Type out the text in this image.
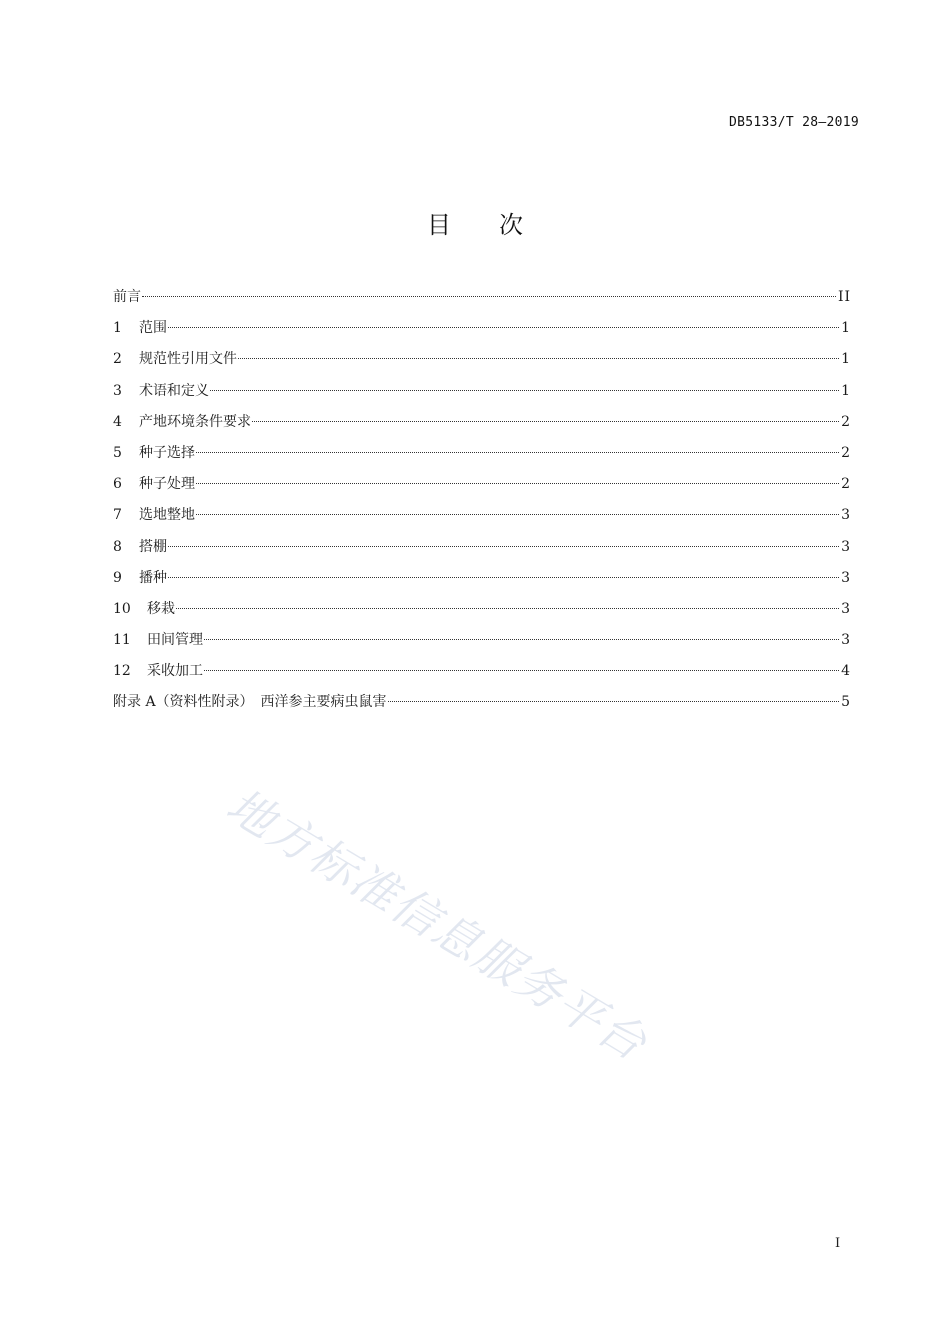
DB5133/T 28—2019
目次
前言	II
1	范围	1
2	规范性引用文件	1
3	术语和定义	1
4	产地环境条件要求	2
5	种子选择	2
6	种子处理	2
7	选地整地	3
8	搭棚	3
9	播种	3
10	移栽	3
11	田间管理	3
12	采收加工	4
附录 A（资料性附录）　西洋参主要病虫鼠害	5
地方标准信息服务平台
I
